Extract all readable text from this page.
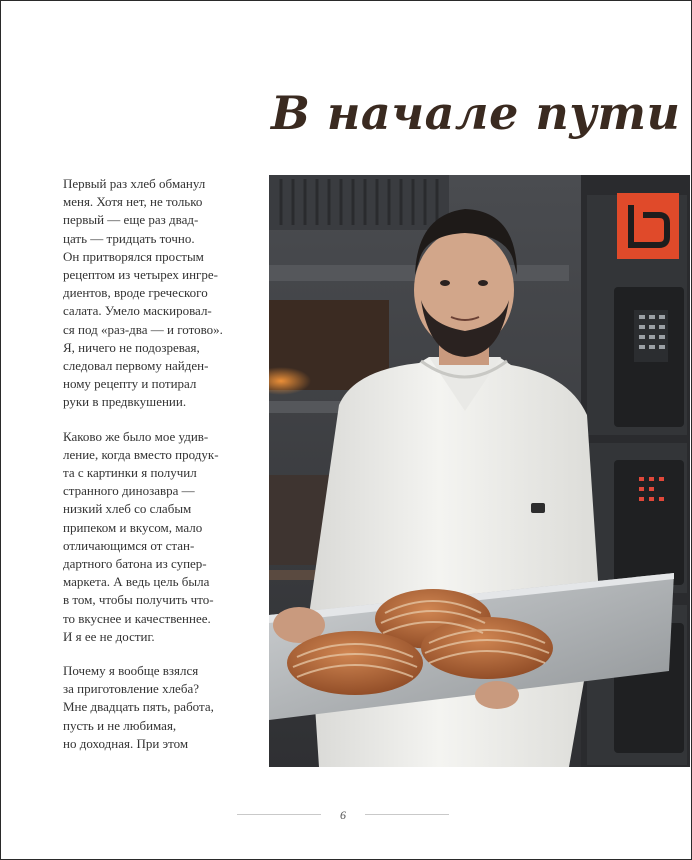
В начале пути

Первый раз хлеб обманул
меня. Хотя нет, не только
первый — еще раз двад-
цать — тридцать точно.
Он притворялся простым
рецептом из четырех ингре-
диентов, вроде греческого
салата. Умело маскировал-
ся под «раз-два — и готово».
Я, ничего не подозревая,
следовал первому найден-
ному рецепту и потирал
руки в предвкушении.

Каково же было мое удив-
ление, когда вместо продук-
та с картинки я получил
странного динозавра —
низкий хлеб со слабым
припеком и вкусом, мало
отличающимся от стан-
дартного батона из супер-
маркета. А ведь цель была
в том, чтобы получить что-
то вкуснее и качественнее.
И я ее не достиг.

Почему я вообще взялся
за приготовление хлеба?
Мне двадцать пять, работа,
пусть и не любимая,
но доходная. При этом

6
